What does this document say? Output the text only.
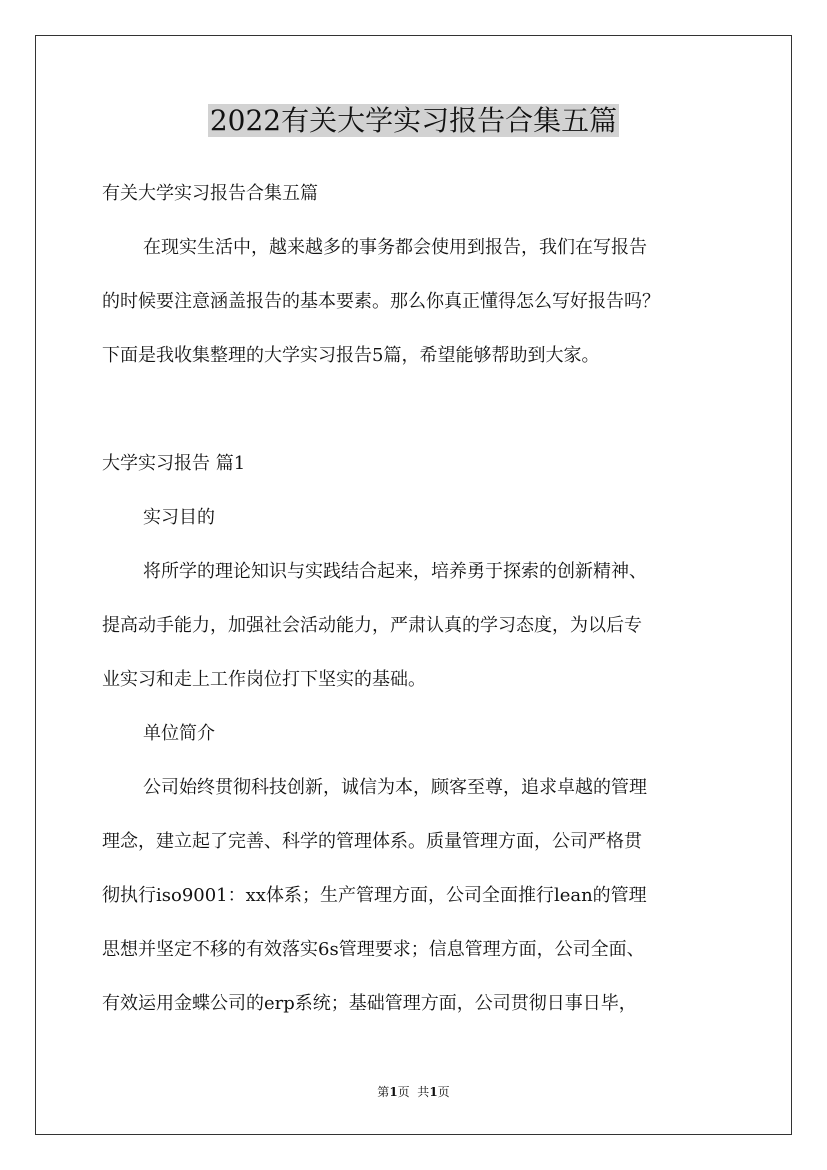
2022有关大学实习报告合集五篇
有关大学实习报告合集五篇
在现实生活中，越来越多的事务都会使用到报告，我们在写报告
的时候要注意涵盖报告的基本要素。那么你真正懂得怎么写好报告吗？
下面是我收集整理的大学实习报告5篇，希望能够帮助到大家。
大学实习报告 篇1
实习目的
将所学的理论知识与实践结合起来，培养勇于探索的创新精神、
提高动手能力，加强社会活动能力，严肃认真的学习态度，为以后专
业实习和走上工作岗位打下坚实的基础。
单位简介
公司始终贯彻科技创新，诚信为本，顾客至尊，追求卓越的管理
理念，建立起了完善、科学的管理体系。质量管理方面，公司严格贯
彻执行iso9001：xx体系；生产管理方面，公司全面推行lean的管理
思想并坚定不移的有效落实6s管理要求；信息管理方面，公司全面、
有效运用金蝶公司的erp系统；基础管理方面，公司贯彻日事日毕，
第1页  共1页
